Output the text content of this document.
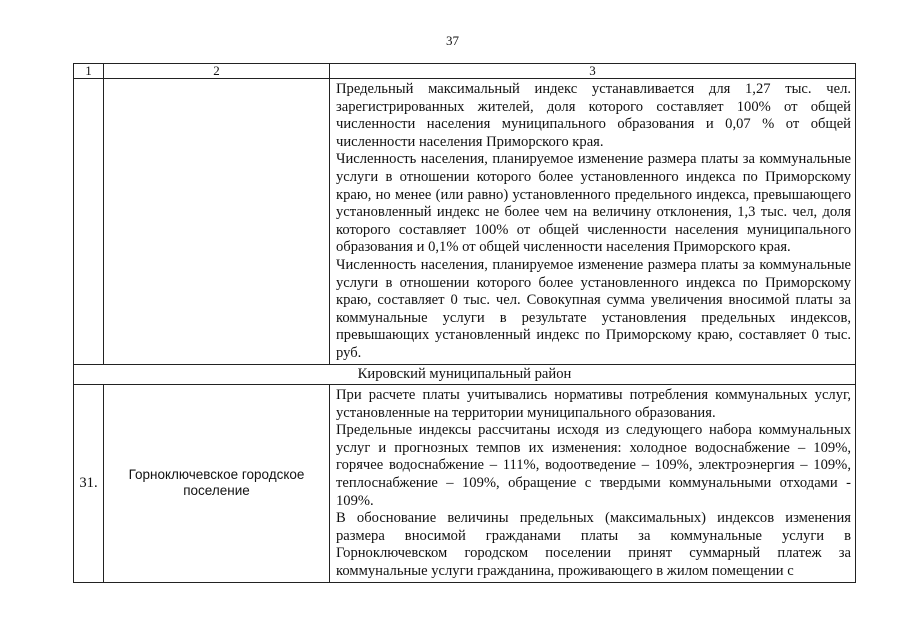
37
1	2	3

		Предельный максимальный индекс устанавливается для 1,27 тыс. чел. зарегистрированных жителей, доля которого составляет 100% от общей численности населения муниципального образования и 0,07 % от общей численности населения Приморского края.

Численность населения, планируемое изменение размера платы за коммунальные услуги в отношении которого более установленного индекса по Приморскому краю, но менее (или равно) установленного предельного индекса, превышающего установленный индекс не более чем на величину отклонения, 1,3 тыс. чел, доля которого составляет 100% от общей численности населения муниципального образования и 0,1% от общей численности населения Приморского края.

Численность населения, планируемое изменение размера платы за коммунальные услуги в отношении которого более установленного индекса по Приморскому краю, составляет 0 тыс. чел. Совокупная сумма увеличения вносимой платы за коммунальные услуги в результате установления предельных индексов, превышающих установленный индекс по Приморскому краю, составляет 0 тыс. руб.

Кировский муниципальный район		
31.	Горноключевское городское поселение	При расчете платы учитывались нормативы потребления коммунальных услуг, установленные на территории муниципального образования.

Предельные индексы рассчитаны исходя из следующего набора коммунальных услуг и прогнозных темпов их изменения: холодное водоснабжение – 109%, горячее водоснабжение – 111%, водоотведение – 109%, электроэнергия – 109%, теплоснабжение – 109%, обращение с твердыми коммунальными отходами - 109%.

В обоснование величины предельных (максимальных) индексов изменения размера вносимой гражданами платы за коммунальные услуги в Горноключевском городском поселении принят суммарный платеж за коммунальные услуги гражданина, проживающего в жилом помещении с
